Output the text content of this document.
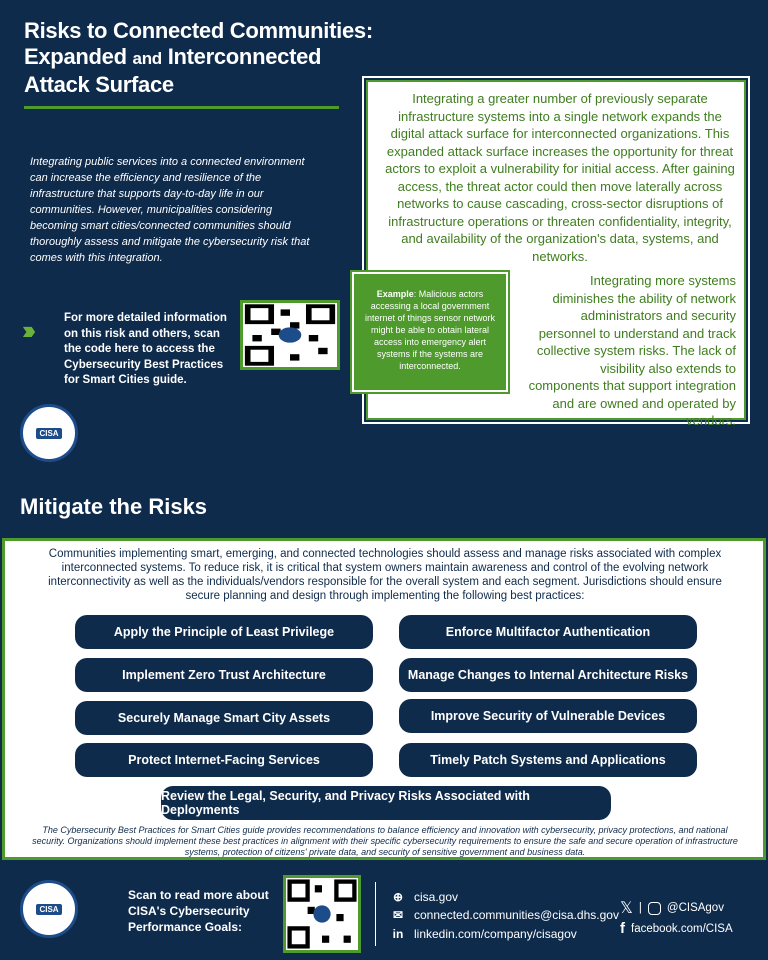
Risks to Connected Communities:
Expanded and Interconnected
Attack Surface

Integrating public services into a connected environment can increase the efficiency and resilience of the infrastructure that supports day-to-day life in our communities. However, municipalities considering becoming smart cities/connected communities should thoroughly assess and mitigate the cybersecurity risk that comes with this integration.

›››	For more detailed information on this risk and others, scan the code here to access the Cybersecurity Best Practices for Smart Cities guide.

CISA

Integrating a greater number of previously separate infrastructure systems into a single network expands the digital attack surface for interconnected organizations. This expanded attack surface increases the opportunity for threat actors to exploit a vulnerability for initial access. After gaining access, the threat actor could then move laterally across networks to cause cascading, cross-sector disruptions of infrastructure operations or threaten confidentiality, integrity, and availability of the organization's data, systems, and networks.

Integrating more systems diminishes the ability of network administrators and security personnel to understand and track collective system risks. The lack of visibility also extends to components that support integration and are owned and operated by vendors.

Example: Malicious actors accessing a local government internet of things sensor network might be able to obtain lateral access into emergency alert systems if the systems are interconnected.
Mitigate the Risks

Communities implementing smart, emerging, and connected technologies should assess and manage risks associated with complex interconnected systems. To reduce risk, it is critical that system owners maintain awareness and control of the evolving network interconnectivity as well as the individuals/vendors responsible for the overall system and each segment. Jurisdictions should ensure secure planning and design through implementing the following best practices:

Apply the Principle of Least Privilege	Enforce Multifactor Authentication
Implement Zero Trust Architecture	Manage Changes to Internal Architecture Risks
Securely Manage Smart City Assets	Improve Security of Vulnerable Devices
Protect Internet-Facing Services	Timely Patch Systems and Applications
Review the Legal, Security, and Privacy Risks Associated with Deployments

The Cybersecurity Best Practices for Smart Cities guide provides recommendations to balance efficiency and innovation with cybersecurity, privacy protections, and national security. Organizations should implement these best practices in alignment with their specific cybersecurity requirements to ensure the safe and secure operation of infrastructure systems, protection of citizens' private data, and security of sensitive government and business data.

CISA

Scan to read more about CISA's Cybersecurity Performance Goals:

⊕ cisa.gov
✉ connected.communities@cisa.dhs.gov
in linkedin.com/company/cisagov
𝕏 | @CISAgov
f facebook.com/CISA
